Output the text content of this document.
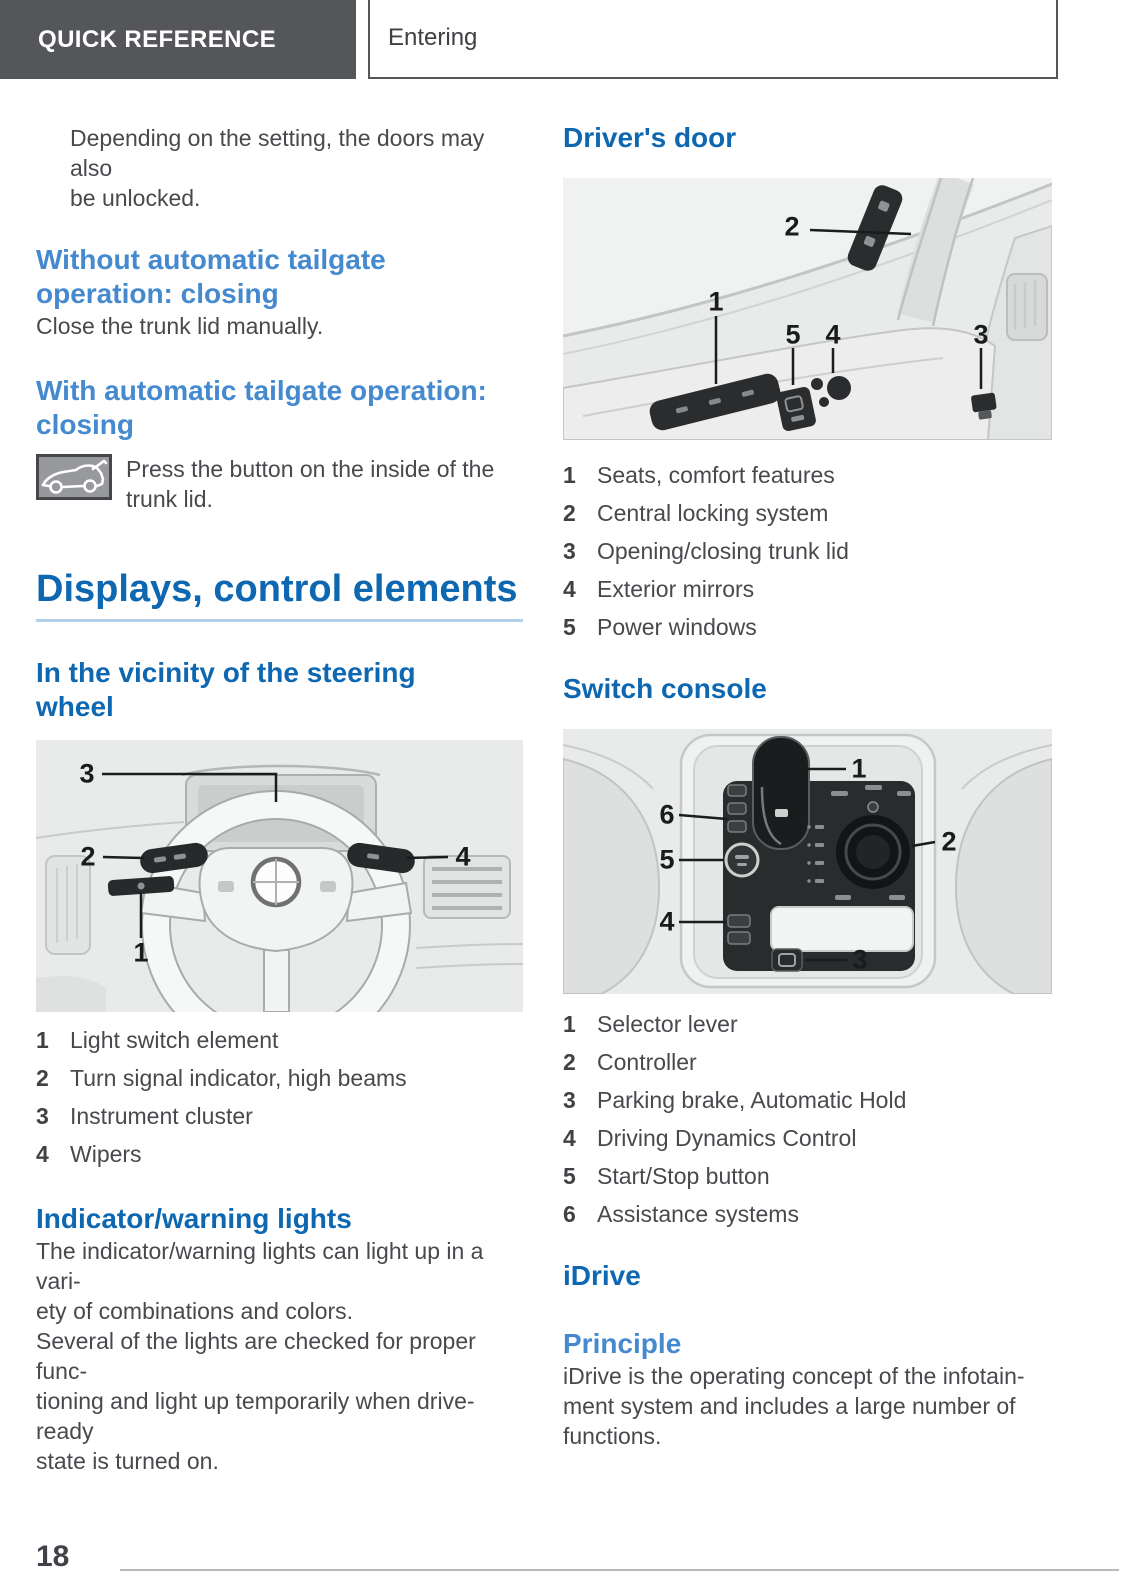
QUICK REFERENCE	Entering

Depending on the setting, the doors may also
be unlocked.

Without automatic tailgate
operation: closing

Close the trunk lid manually.

With automatic tailgate operation:
closing

Press the button on the inside of the
trunk lid.

Displays, control elements
In the vicinity of the steering
wheel
3
2	4
1
1 Light switch element
2 Turn signal indicator, high beams
3 Instrument cluster
4 Wipers
Indicator/warning lights

The indicator/warning lights can light up in a vari-
ety of combinations and colors.

Several of the lights are checked for proper func-
tioning and light up temporarily when drive-ready
state is turned on.

Driver's door
2
1
5 4	3
1 Seats, comfort features
2 Central locking system
3 Opening/closing trunk lid
4 Exterior mirrors
5 Power windows
Switch console
1
6
5
4
2
3
1 Selector lever
2 Controller
3 Parking brake, Automatic Hold
4 Driving Dynamics Control
5 Start/Stop button
6 Assistance systems
iDrive
Principle

iDrive is the operating concept of the infotain-
ment system and includes a large number of
functions.

18
